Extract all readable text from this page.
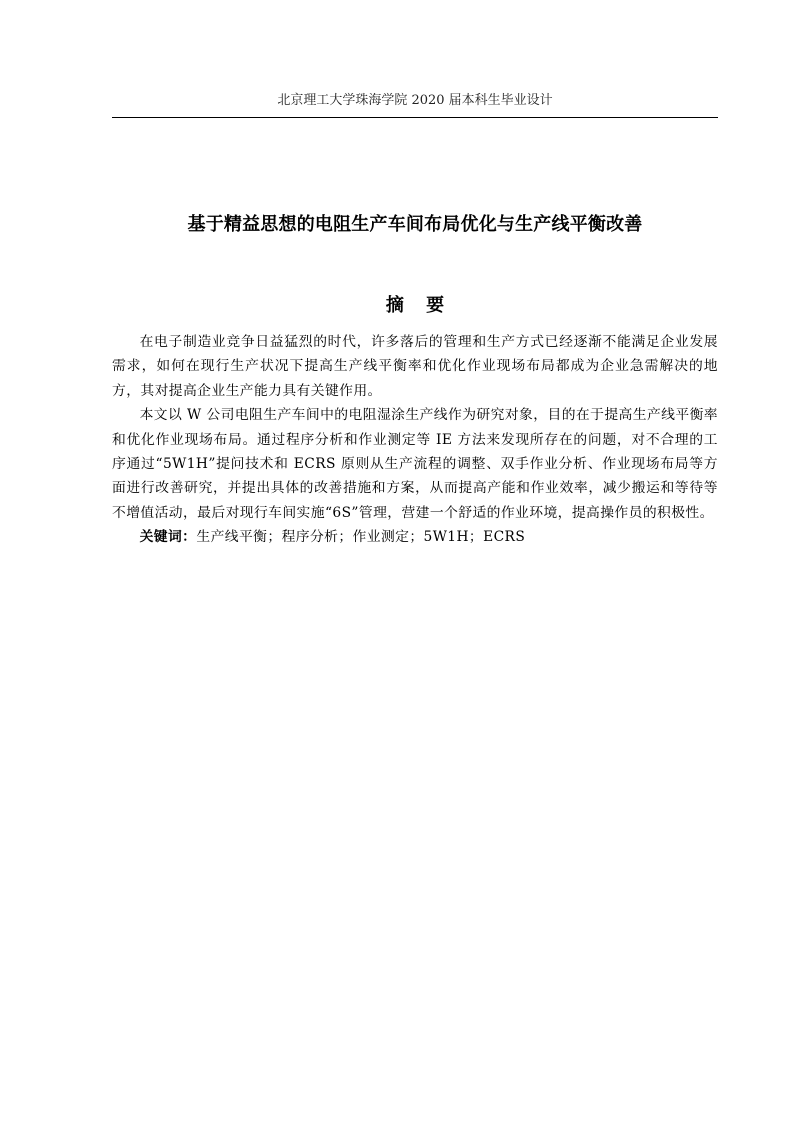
北京理工大学珠海学院 2020 届本科生毕业设计
基于精益思想的电阻生产车间布局优化与生产线平衡改善
摘 要

在电子制造业竞争日益猛烈的时代，许多落后的管理和生产方式已经逐渐不能满足企业发展需求，如何在现行生产状况下提高生产线平衡率和优化作业现场布局都成为企业急需解决的地方，其对提高企业生产能力具有关键作用。

本文以 W 公司电阻生产车间中的电阻湿涂生产线作为研究对象，目的在于提高生产线平衡率和优化作业现场布局。通过程序分析和作业测定等 IE 方法来发现所存在的问题，对不合理的工序通过“5W1H”提问技术和 ECRS 原则从生产流程的调整、双手作业分析、作业现场布局等方面进行改善研究，并提出具体的改善措施和方案，从而提高产能和作业效率，减少搬运和等待等不增值活动，最后对现行车间实施“6S”管理，营建一个舒适的作业环境，提高操作员的积极性。

关键词：生产线平衡；程序分析；作业测定；5W1H；ECRS
